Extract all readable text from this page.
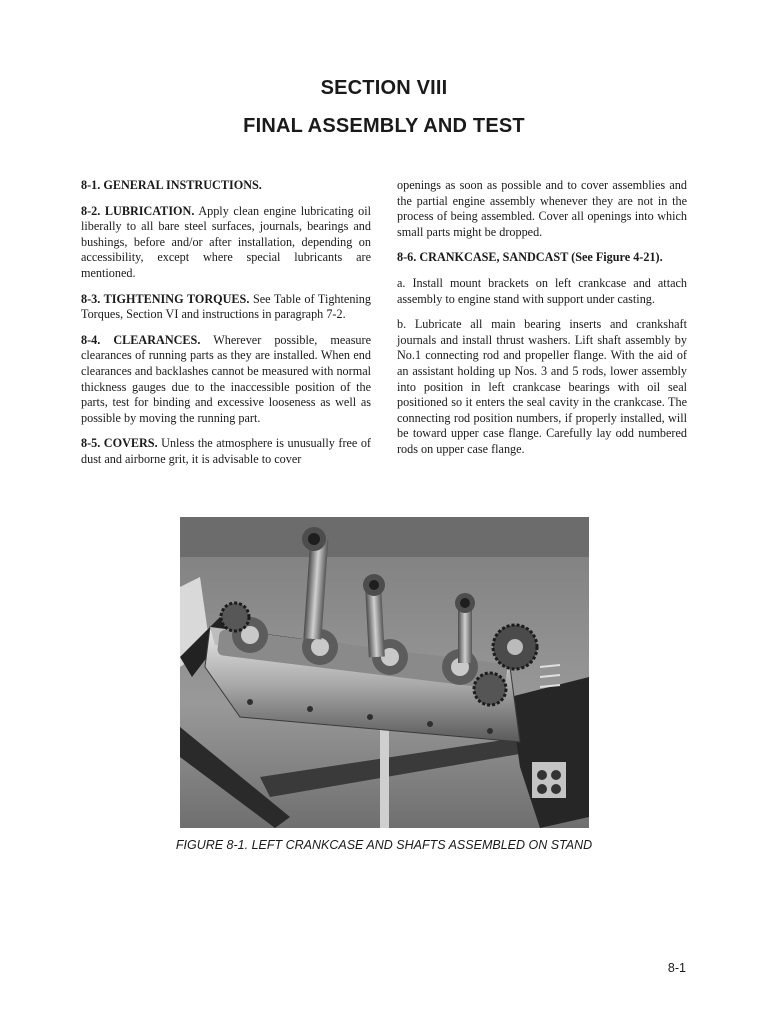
SECTION VIII
FINAL ASSEMBLY AND TEST

8-1. GENERAL INSTRUCTIONS.

8-2. LUBRICATION. Apply clean engine lubricating oil liberally to all bare steel surfaces, journals, bearings and bushings, before and/or after installation, depending on accessibility, except where special lubricants are mentioned.

8-3. TIGHTENING TORQUES. See Table of Tightening Torques, Section VI and instructions in paragraph 7-2.

8-4. CLEARANCES. Wherever possible, measure clearances of running parts as they are installed. When end clearances and backlashes cannot be measured with normal thickness gauges due to the inaccessible position of the parts, test for binding and excessive looseness as well as possible by moving the running part.

8-5. COVERS. Unless the atmosphere is unusually free of dust and airborne grit, it is advisable to cover

openings as soon as possible and to cover assemblies and the partial engine assembly whenever they are not in the process of being assembled. Cover all openings into which small parts might be dropped.

8-6. CRANKCASE, SANDCAST (See Figure 4-21).

a. Install mount brackets on left crankcase and attach assembly to engine stand with support under casting.

b. Lubricate all main bearing inserts and crankshaft journals and install thrust washers. Lift shaft assembly by No.1 connecting rod and propeller flange. With the aid of an assistant holding up Nos. 3 and 5 rods, lower assembly into position in left crankcase bearings with oil seal positioned so it enters the seal cavity in the crankcase. The connecting rod position numbers, if properly installed, will be toward upper case flange. Carefully lay odd numbered rods on upper case flange.

FIGURE 8-1. LEFT CRANKCASE AND SHAFTS ASSEMBLED ON STAND
8-1
